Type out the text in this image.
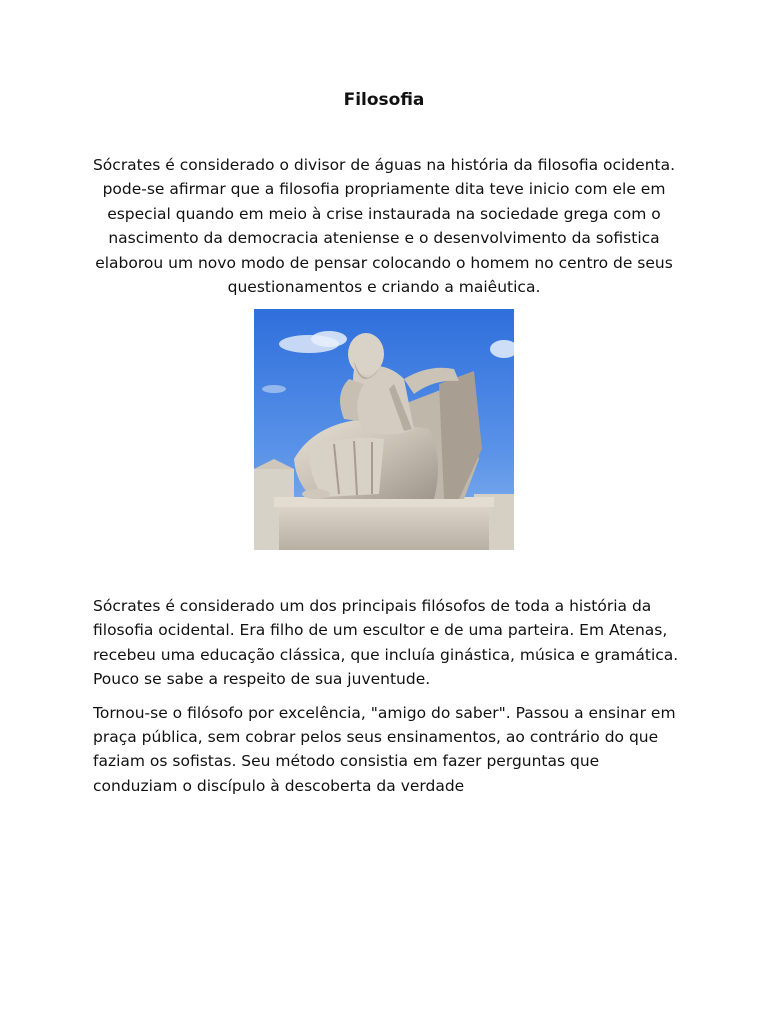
Filosofia

Sócrates é considerado o divisor de águas na história da filosofia ocidenta. pode-se afirmar que a filosofia propriamente dita teve inicio com ele em especial quando em meio à crise instaurada na sociedade grega com o nascimento da democracia ateniense e o desenvolvimento da sofistica elaborou um novo modo de pensar colocando o homem no centro de seus questionamentos e criando a maiêutica.

Sócrates é considerado um dos principais filósofos de toda a história da filosofia ocidental. Era filho de um escultor e de uma parteira. Em Atenas, recebeu uma educação clássica, que incluía ginástica, música e gramática. Pouco se sabe a respeito de sua juventude.

Tornou-se o filósofo por excelência, "amigo do saber". Passou a ensinar em praça pública, sem cobrar pelos seus ensinamentos, ao contrário do que faziam os sofistas. Seu método consistia em fazer perguntas que conduziam o discípulo à descoberta da verdade
